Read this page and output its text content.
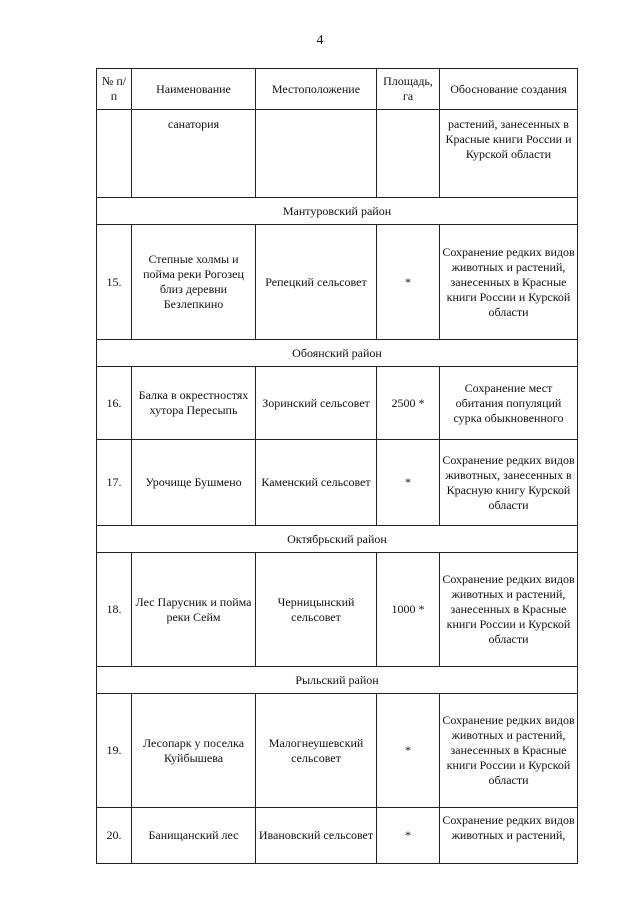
4
№ п/п	Наименование	Местоположение	Площадь, га	Обоснование создания
	санатория			растений, занесенных в Красные книги России и Курской области
Мантуровский район				
15.	Степные холмы и пойма реки Рогозец близ деревни Безлепкино	Репецкий сельсовет	*	Сохранение редких видов животных и растений, занесенных в Красные книги России и Курской области
Обоянский район				
16.	Балка в окрестностях хутора Пересыпь	Зоринский сельсовет	2500 *	Сохранение мест обитания популяций сурка обыкновенного
17.	Урочище Бушмено	Каменский сельсовет	*	Сохранение редких видов животных, занесенных в Красную книгу Курской области
Октябрьский район				
18.	Лес Парусник и пойма реки Сейм	Черницынский сельсовет	1000 *	Сохранение редких видов животных и растений, занесенных в Красные книги России и Курской области
Рыльский район				
19.	Лесопарк у поселка Куйбышева	Малогнеушевский сельсовет	*	Сохранение редких видов животных и растений, занесенных в Красные книги России и Курской области
20.	Банищанский лес	Ивановский сельсовет	*	Сохранение редких видов животных и растений,
